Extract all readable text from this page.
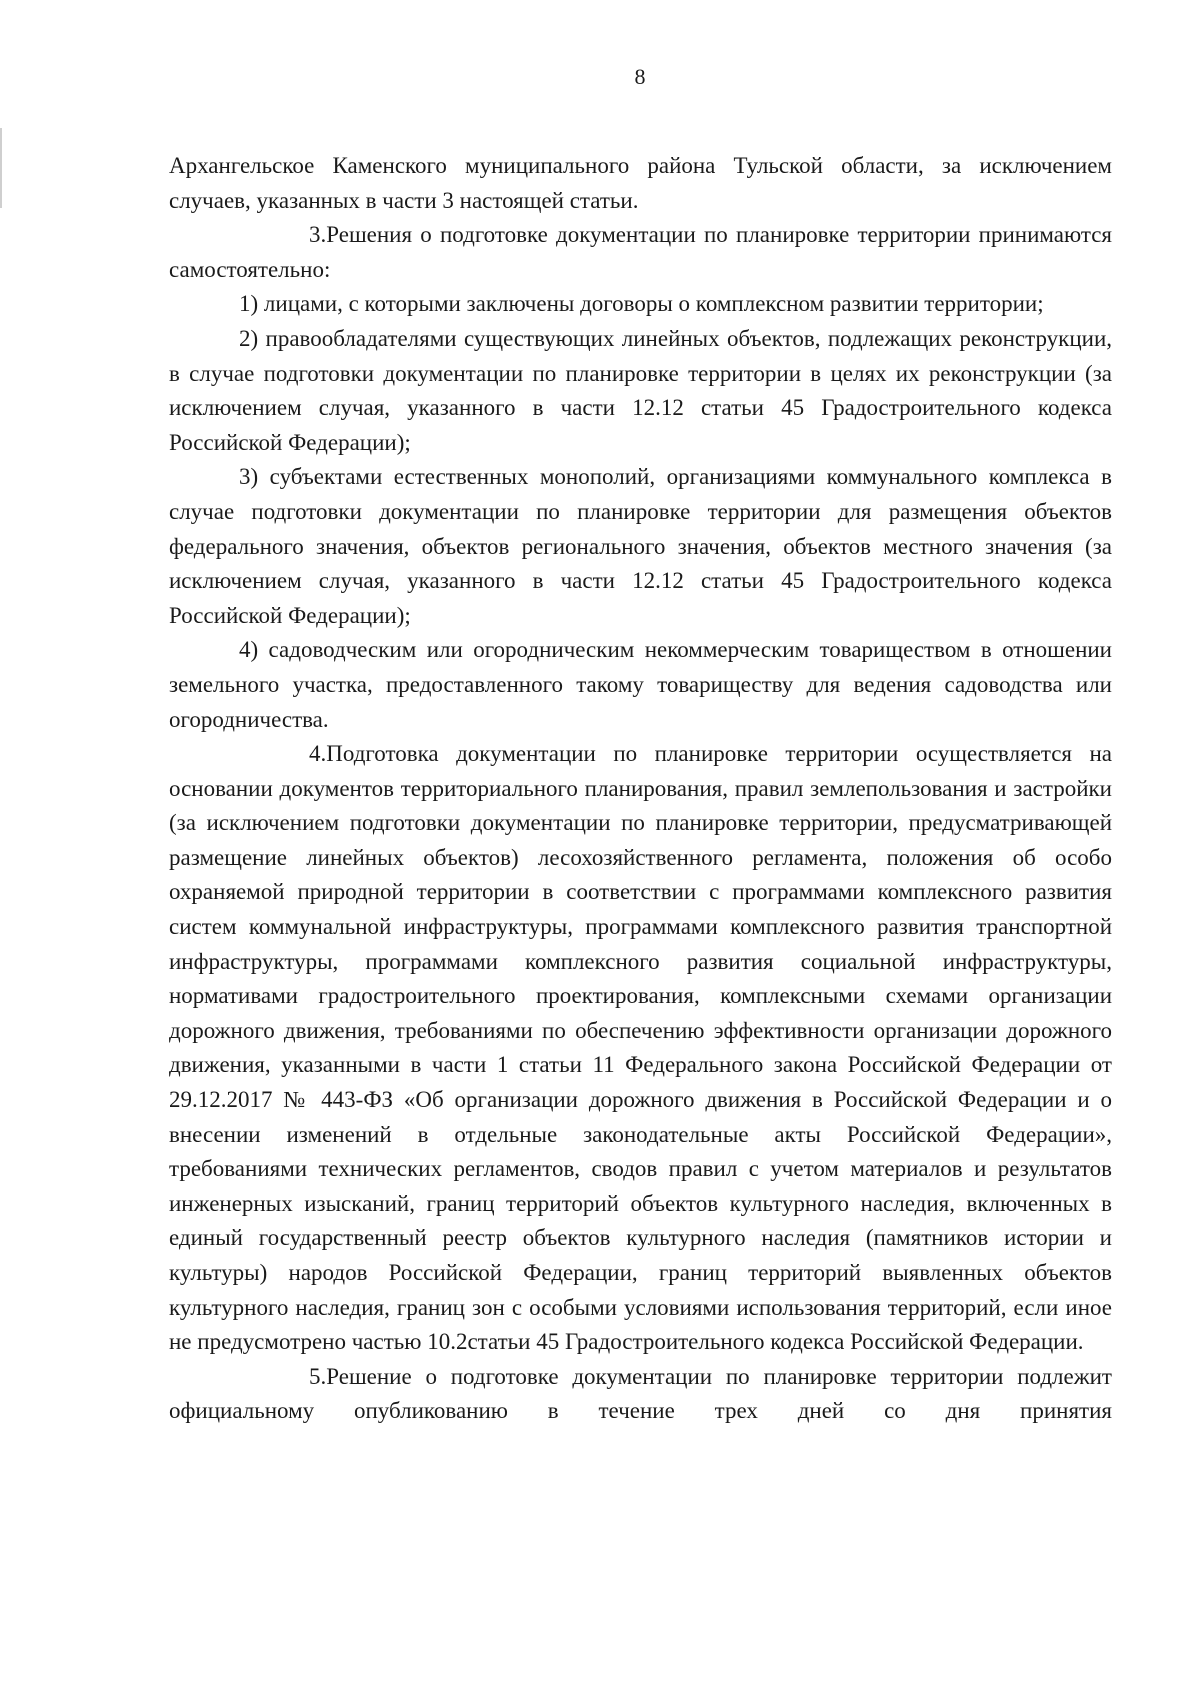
8

Архангельское Каменского муниципального района Тульской области, за исключением случаев, указанных в части 3 настоящей статьи.

3.Решения о подготовке документации по планировке территории принимаются самостоятельно:

1) лицами, с которыми заключены договоры о комплексном развитии территории;

2) правообладателями существующих линейных объектов, подлежащих реконструкции, в случае подготовки документации по планировке территории в целях их реконструкции (за исключением случая, указанного в части 12.12 статьи 45 Градостроительного кодекса Российской Федерации);

3) субъектами естественных монополий, организациями коммунального комплекса в случае подготовки документации по планировке территории для размещения объектов федерального значения, объектов регионального значения, объектов местного значения (за исключением случая, указанного в части 12.12 статьи 45 Градостроительного кодекса Российской Федерации);

4) садоводческим или огородническим некоммерческим товариществом в отношении земельного участка, предоставленного такому товариществу для ведения садоводства или огородничества.

4.Подготовка документации по планировке территории осуществляется на основании документов территориального планирования, правил землепользования и застройки (за исключением подготовки документации по планировке территории, предусматривающей размещение линейных объектов) лесохозяйственного регламента, положения об особо охраняемой природной территории в соответствии с программами комплексного развития систем коммунальной инфраструктуры, программами комплексного развития транспортной инфраструктуры, программами комплексного развития социальной инфраструктуры, нормативами градостроительного проектирования, комплексными схемами организации дорожного движения, требованиями по обеспечению эффективности организации дорожного движения, указанными в части 1 статьи 11 Федерального закона Российской Федерации от 29.12.2017 № 443-ФЗ «Об организации дорожного движения в Российской Федерации и о внесении изменений в отдельные законодательные акты Российской Федерации», требованиями технических регламентов, сводов правил с учетом материалов и результатов инженерных изысканий, границ территорий объектов культурного наследия, включенных в единый государственный реестр объектов культурного наследия (памятников истории и культуры) народов Российской Федерации, границ территорий выявленных объектов культурного наследия, границ зон с особыми условиями использования территорий, если иное не предусмотрено частью 10.2статьи 45 Градостроительного кодекса Российской Федерации.

5.Решение о подготовке документации по планировке территории подлежит официальному опубликованию в течение трех дней со дня принятия
